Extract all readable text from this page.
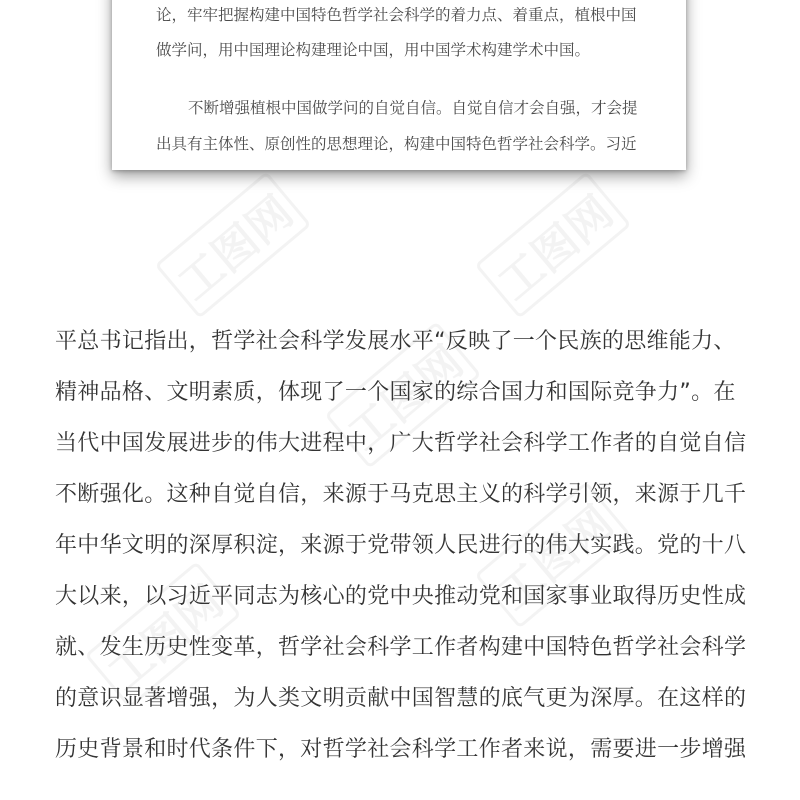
工图网	工图网
工图网
工图网
工图网

论，牢牢把握构建中国特色哲学社会科学的着力点、着重点，植根中国

做学问，用中国理论构建理论中国，用中国学术构建学术中国。

不断增强植根中国做学问的自觉自信。自觉自信才会自强，才会提

出具有主体性、原创性的思想理论，构建中国特色哲学社会科学。习近

平总书记指出，哲学社会科学发展水平“反映了一个民族的思维能力、
精神品格、文明素质，体现了一个国家的综合国力和国际竞争力”。在
当代中国发展进步的伟大进程中，广大哲学社会科学工作者的自觉自信
不断强化。这种自觉自信，来源于马克思主义的科学引领，来源于几千
年中华文明的深厚积淀，来源于党带领人民进行的伟大实践。党的十八
大以来，以习近平同志为核心的党中央推动党和国家事业取得历史性成
就、发生历史性变革，哲学社会科学工作者构建中国特色哲学社会科学
的意识显著增强，为人类文明贡献中国智慧的底气更为深厚。在这样的
历史背景和时代条件下，对哲学社会科学工作者来说，需要进一步增强
